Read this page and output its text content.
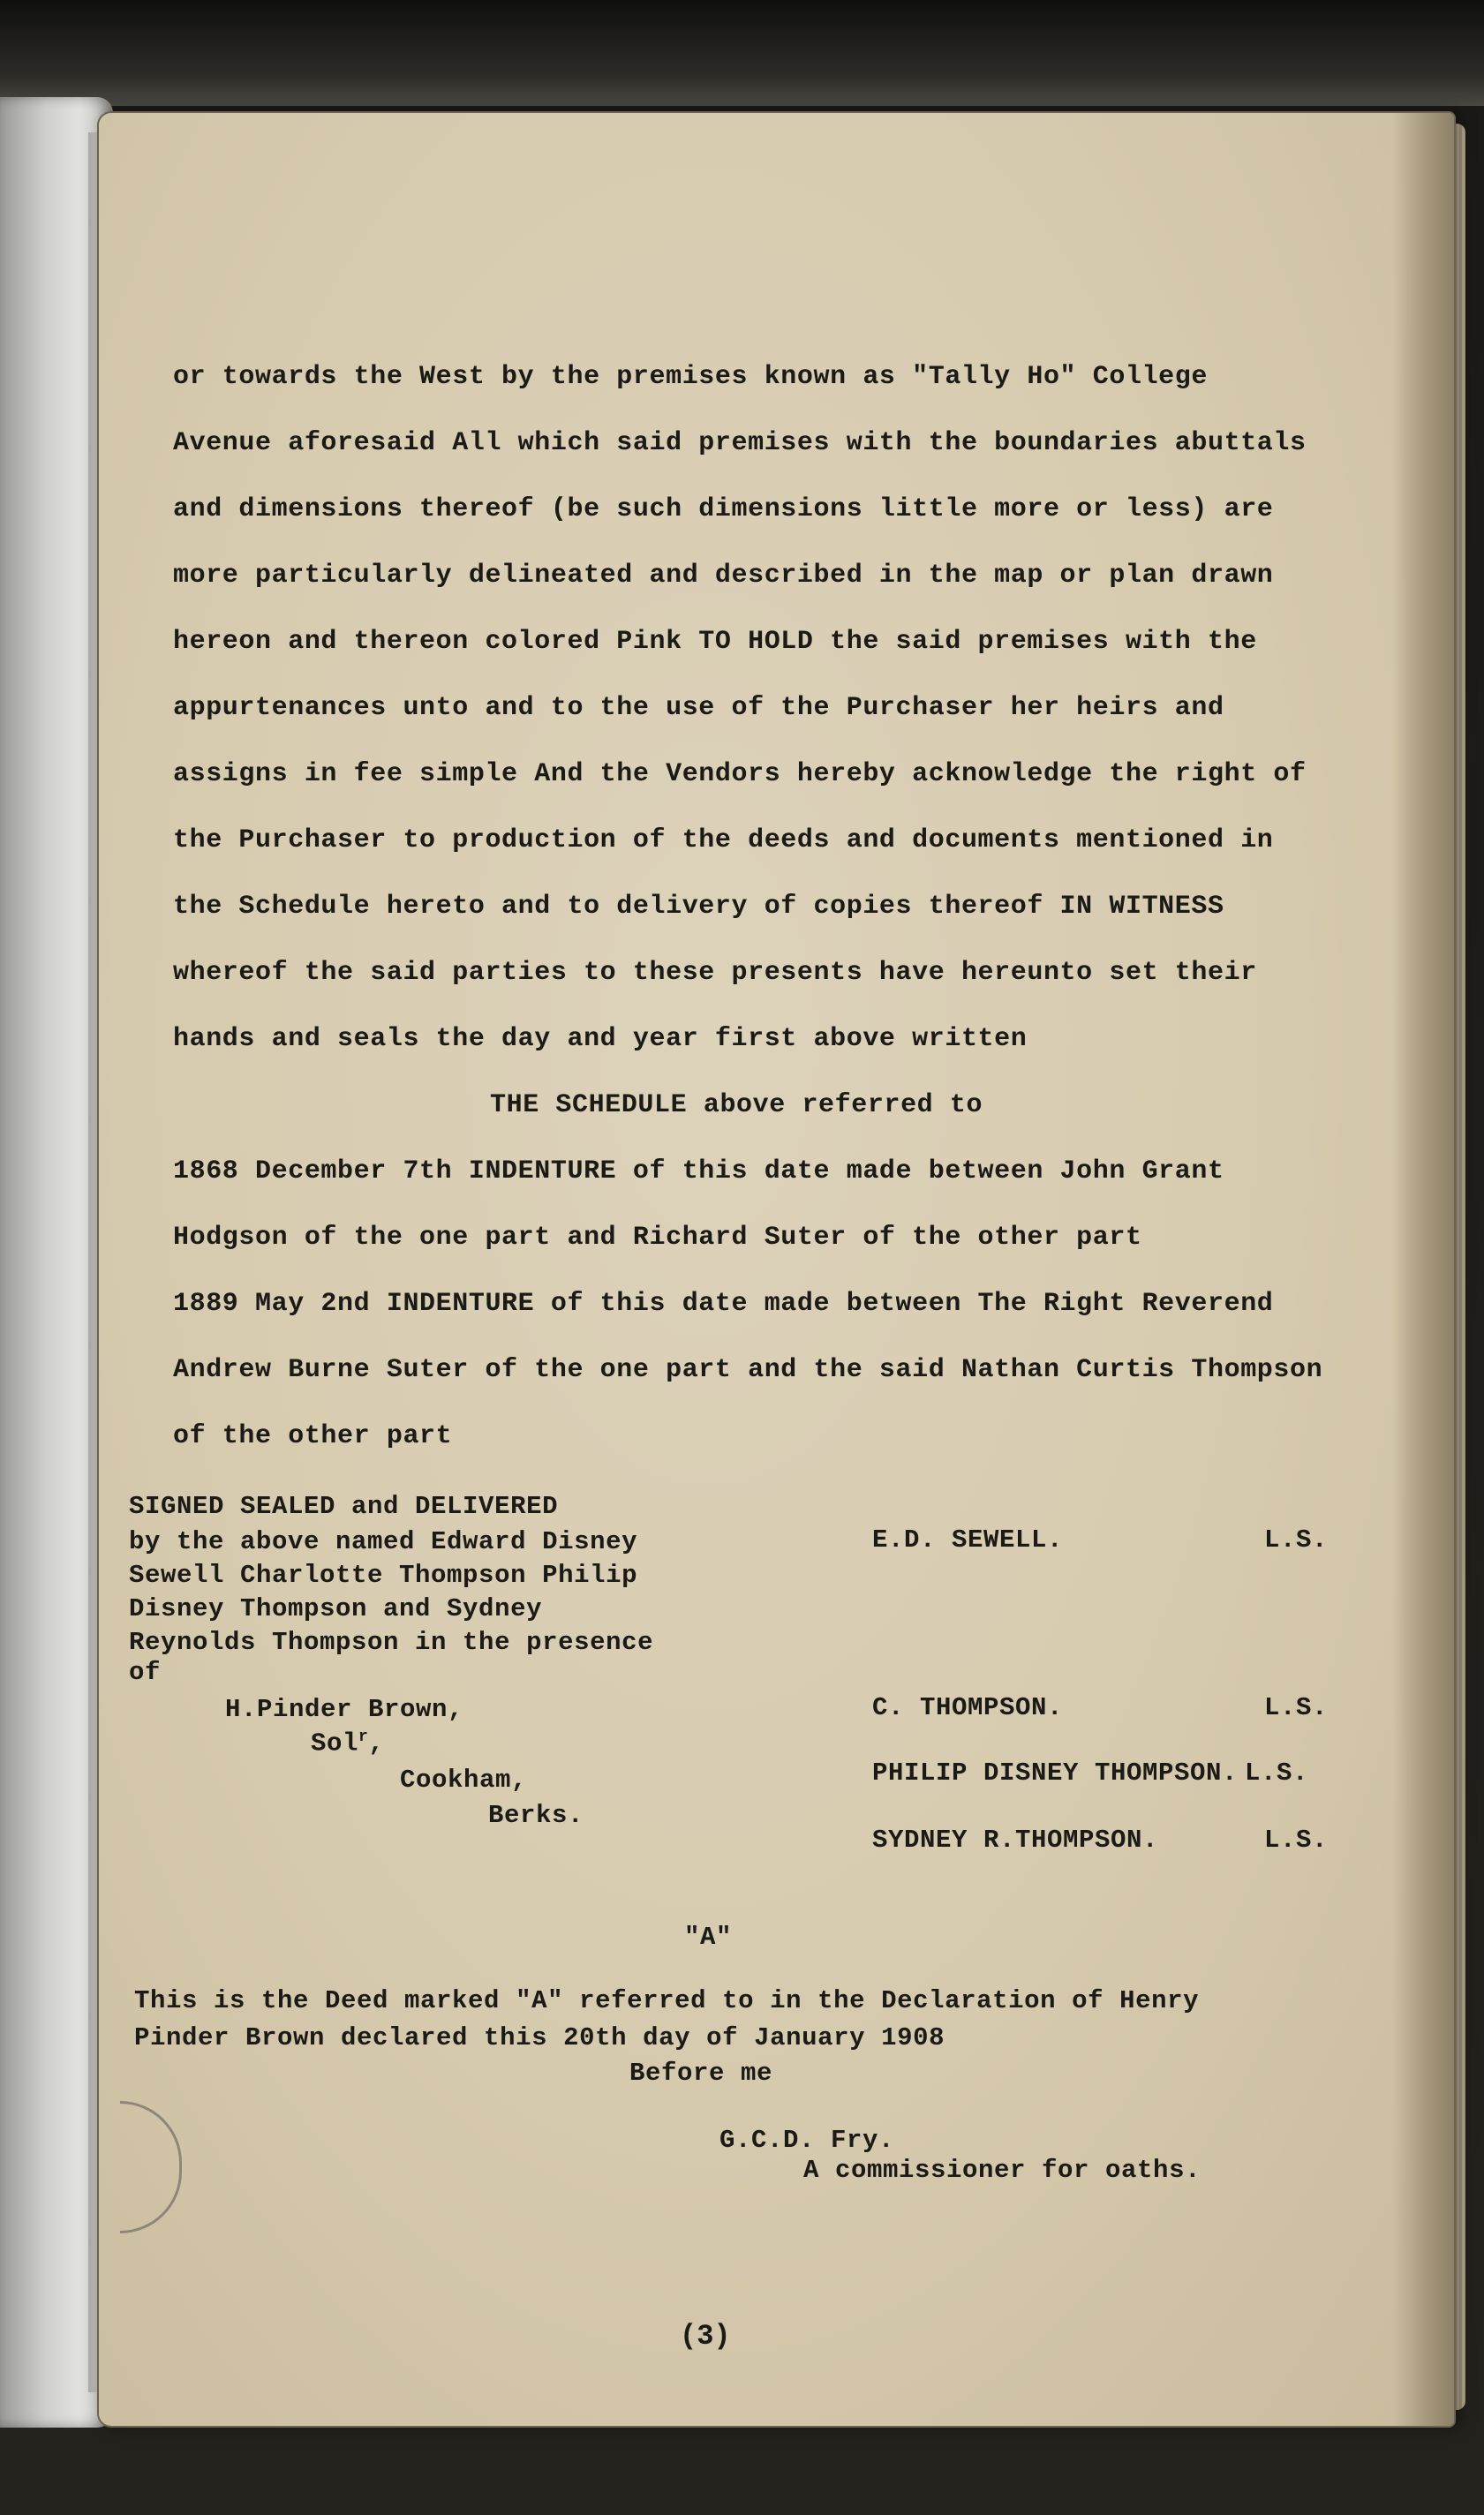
or towards the West by the premises known as "Tally Ho" College
Avenue aforesaid All which said premises with the boundaries abuttals
and dimensions thereof (be such dimensions little more or less) are
more particularly delineated and described in the map or plan drawn
hereon and thereon colored Pink TO HOLD the said premises with the
appurtenances unto and to the use of the Purchaser her heirs and
assigns in fee simple And the Vendors hereby acknowledge the right of
the Purchaser to production of the deeds and documents mentioned in
the Schedule hereto and to delivery of copies thereof IN WITNESS
whereof the said parties to these presents have hereunto set their
hands and seals the day and year first above written
THE SCHEDULE above referred to
1868 December 7th INDENTURE of this date made between John Grant
Hodgson of the one part and Richard Suter of the other part
1889 May 2nd INDENTURE of this date made between The Right Reverend
Andrew Burne Suter of the one part and the said Nathan Curtis Thompson
of the other part
SIGNED SEALED and DELIVERED
by the above named Edward Disney
Sewell Charlotte Thompson Philip
Disney Thompson and Sydney
Reynolds Thompson in the presence
of
H.Pinder Brown,
Sol$^r$,
Cookham,
Berks.
E.D. SEWELL.	L.S.
C. THOMPSON.	L.S.
PHILIP DISNEY THOMPSON. L.S.
SYDNEY R.THOMPSON.	L.S.
"A"
This is the Deed marked "A" referred to in the Declaration of Henry
Pinder Brown declared this 20th day of January 1908
Before me
G.C.D. Fry.
A commissioner for oaths.
(3)
